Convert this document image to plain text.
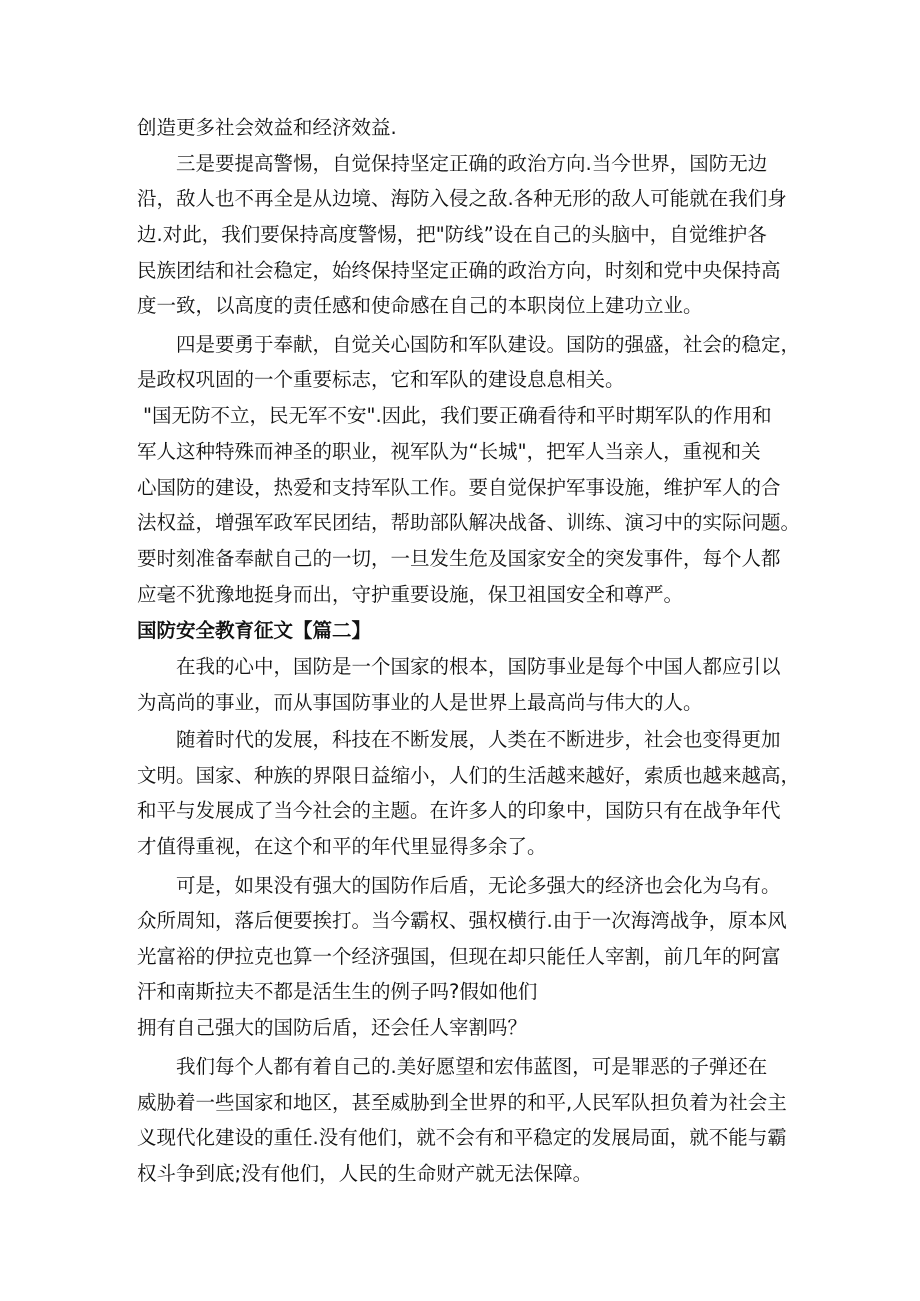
创造更多社会效益和经济效益.
三是要提高警惕，自觉保持坚定正确的政治方向.当今世界，国防无边
沿，敌人也不再全是从边境、海防入侵之敌.各种无形的敌人可能就在我们身
边.对此，我们要保持高度警惕，把"防线”设在自己的头脑中，自觉维护各
民族团结和社会稳定，始终保持坚定正确的政治方向，时刻和党中央保持高
度一致，以高度的责任感和使命感在自己的本职岗位上建功立业。
四是要勇于奉献，自觉关心国防和军队建设。国防的强盛，社会的稳定，
是政权巩固的一个重要标志，它和军队的建设息息相关。
"国无防不立，民无军不安".因此，我们要正确看待和平时期军队的作用和
军人这种特殊而神圣的职业，视军队为“长城"，把军人当亲人，重视和关
心国防的建设，热爱和支持军队工作。要自觉保护军事设施，维护军人的合
法权益，增强军政军民团结，帮助部队解决战备、训练、演习中的实际问题。
要时刻准备奉献自己的一切，一旦发生危及国家安全的突发事件，每个人都
应毫不犹豫地挺身而出，守护重要设施，保卫祖国安全和尊严。
国防安全教育征文【篇二】
在我的心中，国防是一个国家的根本，国防事业是每个中国人都应引以
为高尚的事业，而从事国防事业的人是世界上最高尚与伟大的人。
随着时代的发展，科技在不断发展，人类在不断进步，社会也变得更加
文明。国家、种族的界限日益缩小，人们的生活越来越好，索质也越来越高，
和平与发展成了当今社会的主题。在许多人的印象中，国防只有在战争年代
才值得重视，在这个和平的年代里显得多余了。
可是，如果没有强大的国防作后盾，无论多强大的经济也会化为乌有。
众所周知，落后便要挨打。当今霸权、强权横行.由于一次海湾战争，原本风
光富裕的伊拉克也算一个经济强国，但现在却只能任人宰割，前几年的阿富
汗和南斯拉夫不都是活生生的例子吗?假如他们
拥有自己强大的国防后盾，还会任人宰割吗？
我们每个人都有着自己的.美好愿望和宏伟蓝图，可是罪恶的子弹还在
威胁着一些国家和地区，甚至威胁到全世界的和平,人民军队担负着为社会主
义现代化建设的重任.没有他们，就不会有和平稳定的发展局面，就不能与霸
权斗争到底;没有他们，人民的生命财产就无法保障。
